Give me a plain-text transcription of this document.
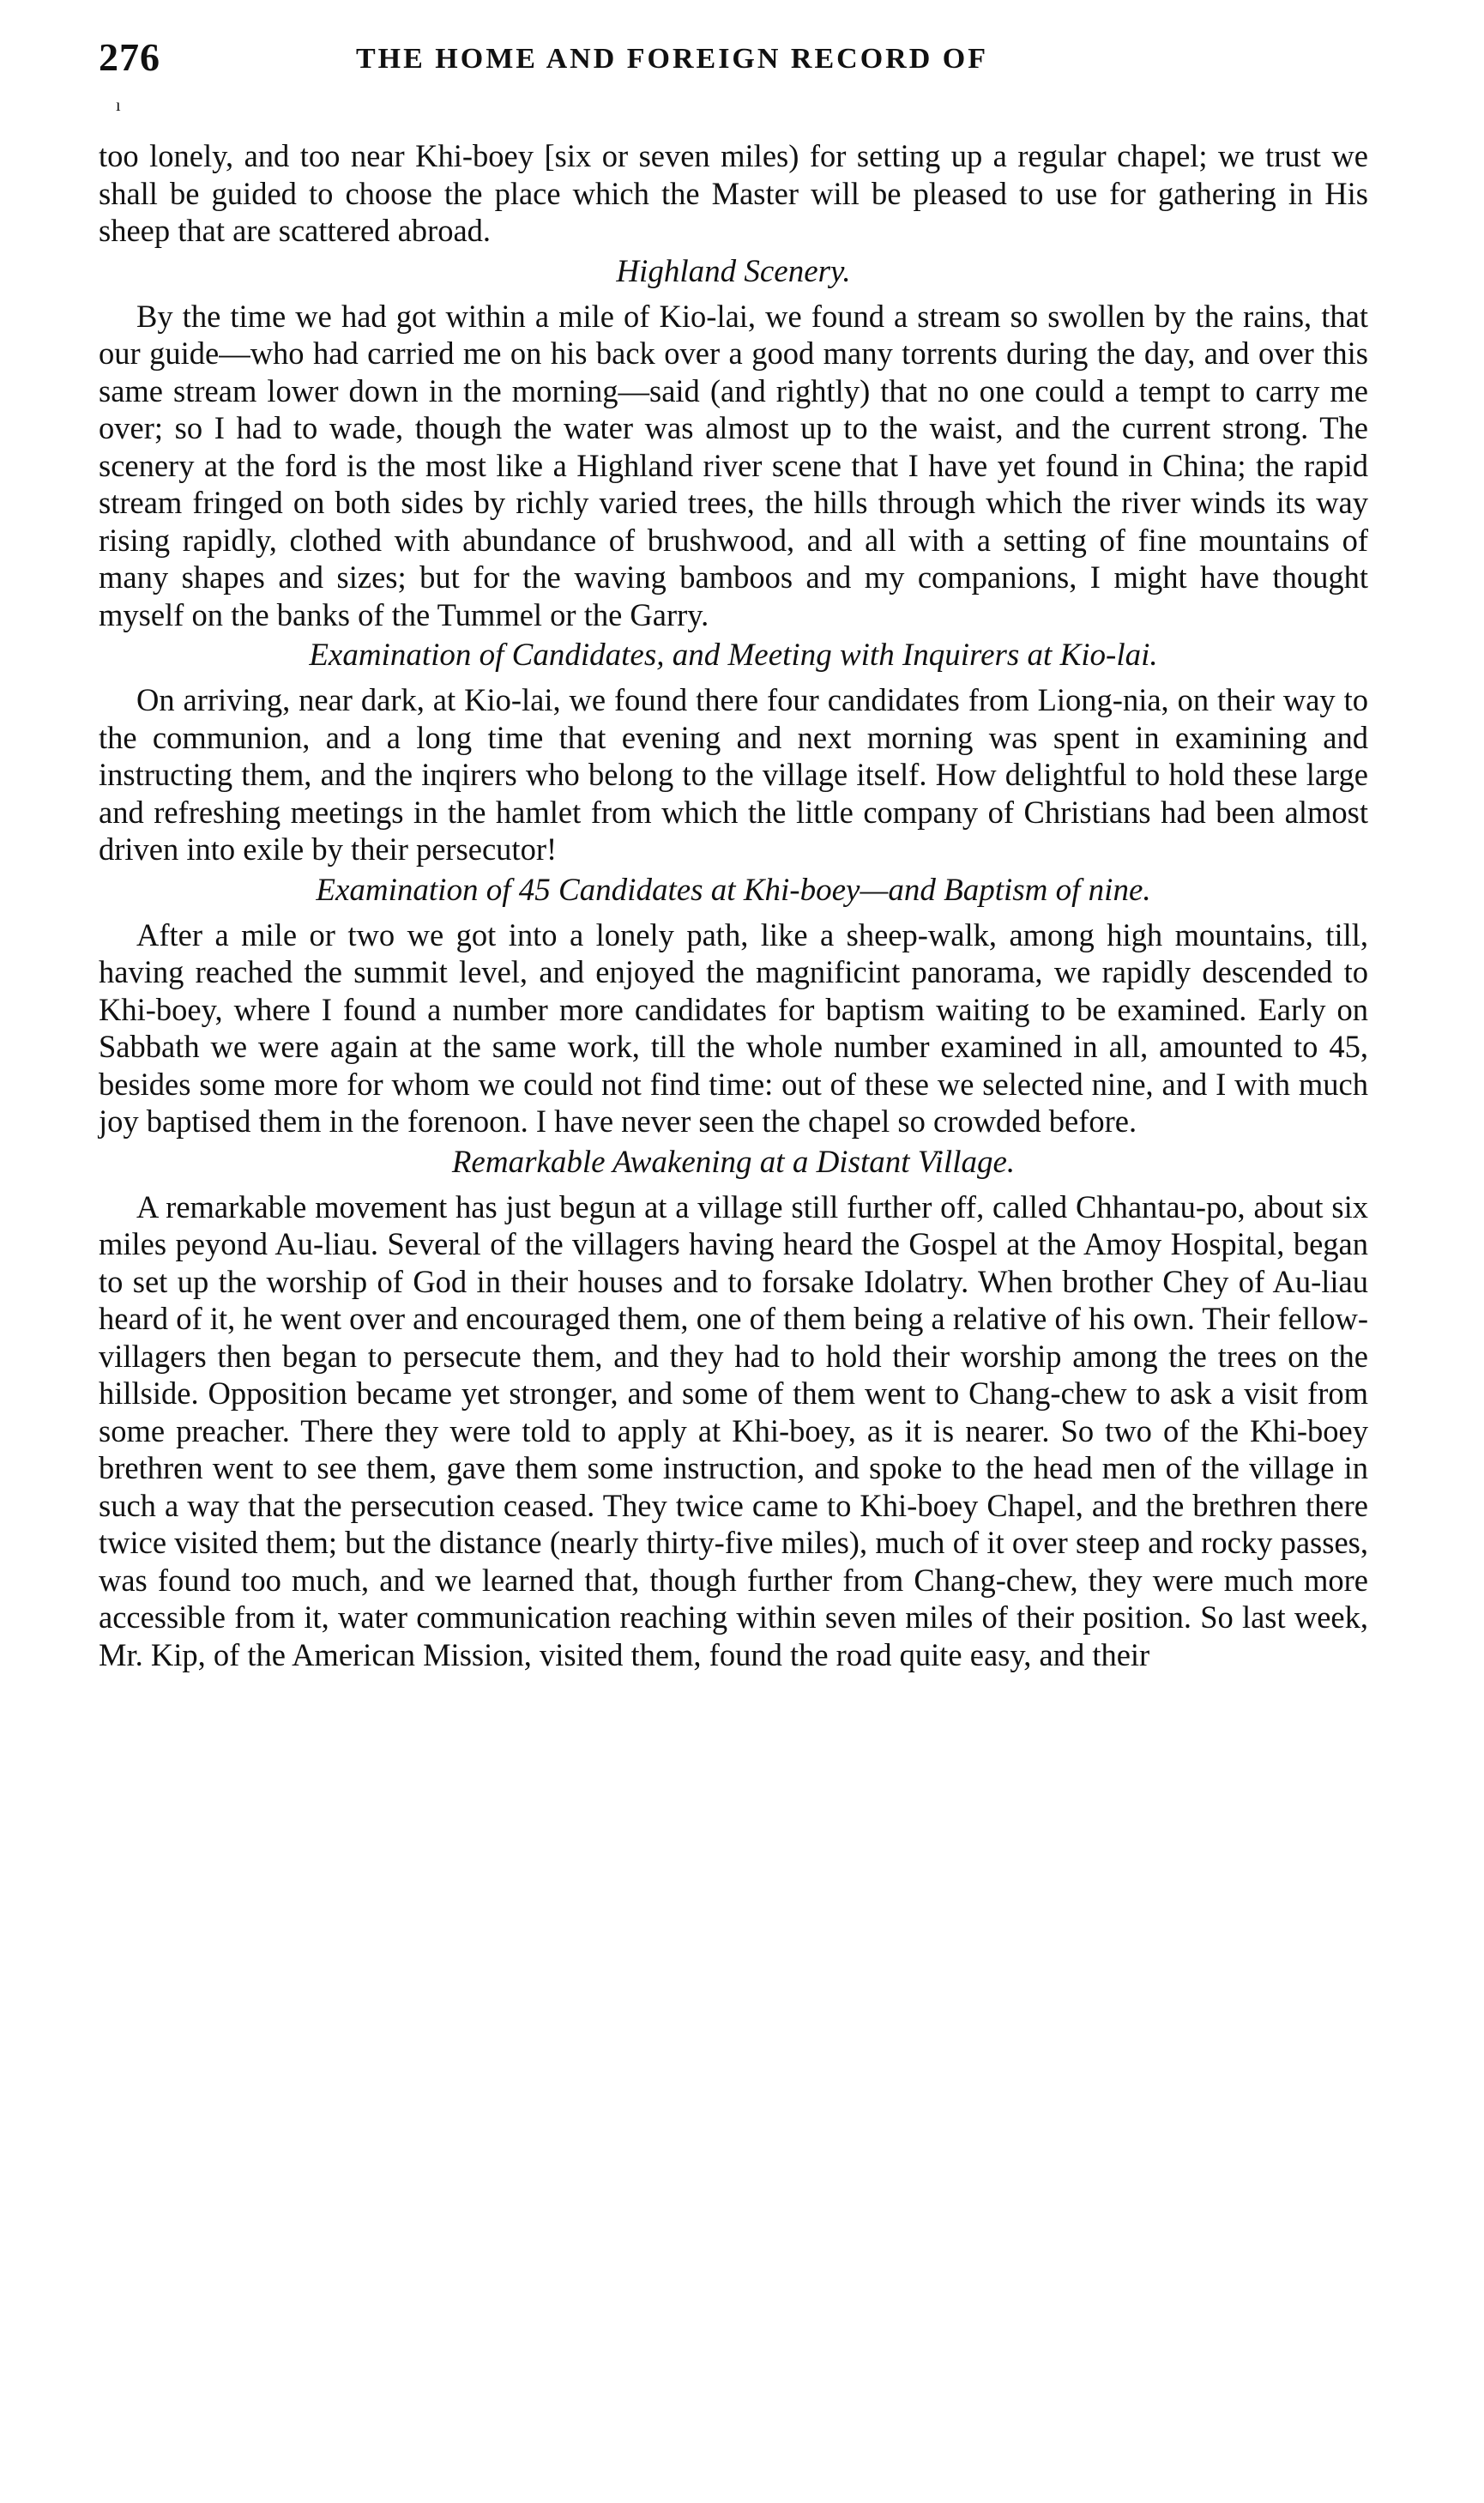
276	THE HOME AND FOREIGN RECORD OF
ı

too lonely, and too near Khi-boey [six or seven miles) for setting up a regular chapel; we trust we shall be guided to choose the place which the Master will be pleased to use for gathering in His sheep that are scattered abroad.

Highland Scenery.

By the time we had got within a mile of Kio-lai, we found a stream so swollen by the rains, that our guide—who had carried me on his back over a good many torrents during the day, and over this same stream lower down in the morning—said (and rightly) that no one could a tempt to carry me over; so I had to wade, though the water was almost up to the waist, and the current strong. The scenery at the ford is the most like a Highland river scene that I have yet found in China; the rapid stream fringed on both sides by richly varied trees, the hills through which the river winds its way rising rapidly, clothed with abundance of brushwood, and all with a setting of fine mountains of many shapes and sizes; but for the waving bamboos and my companions, I might have thought myself on the banks of the Tummel or the Garry.

Examination of Candidates, and Meeting with Inquirers at Kio-lai.

On arriving, near dark, at Kio-lai, we found there four candidates from Liong-nia, on their way to the communion, and a long time that evening and next morning was spent in examining and instructing them, and the inqirers who belong to the village itself. How delightful to hold these large and refreshing meetings in the hamlet from which the little company of Christians had been almost driven into exile by their persecutor!

Examination of 45 Candidates at Khi-boey—and Baptism of nine.

After a mile or two we got into a lonely path, like a sheep-walk, among high mountains, till, having reached the summit level, and enjoyed the magnificint panorama, we rapidly descended to Khi-boey, where I found a number more candidates for baptism waiting to be examined. Early on Sabbath we were again at the same work, till the whole number examined in all, amounted to 45, besides some more for whom we could not find time: out of these we selected nine, and I with much joy baptised them in the forenoon. I have never seen the chapel so crowded before.

Remarkable Awakening at a Distant Village.

A remarkable movement has just begun at a village still further off, called Chhantau-po, about six miles peyond Au-liau. Several of the villagers having heard the Gospel at the Amoy Hospital, began to set up the worship of God in their houses and to forsake Idolatry. When brother Chey of Au-liau heard of it, he went over and encouraged them, one of them being a relative of his own. Their fellow-villagers then began to persecute them, and they had to hold their worship among the trees on the hillside. Opposition became yet stronger, and some of them went to Chang-chew to ask a visit from some preacher. There they were told to apply at Khi-boey, as it is nearer. So two of the Khi-boey brethren went to see them, gave them some instruction, and spoke to the head men of the village in such a way that the persecution ceased. They twice came to Khi-boey Chapel, and the brethren there twice visited them; but the distance (nearly thirty-five miles), much of it over steep and rocky passes, was found too much, and we learned that, though further from Chang-chew, they were much more accessible from it, water communication reaching within seven miles of their position. So last week, Mr. Kip, of the American Mission, visited them, found the road quite easy, and their
